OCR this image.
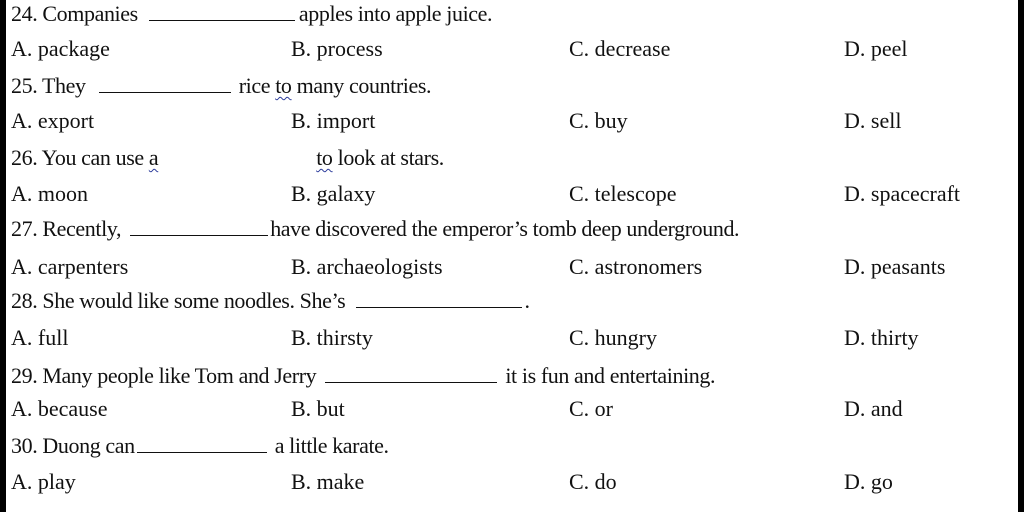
24. Companies	apples into apple juice.
A. package	B. process	C. decrease	D. peel
25. They	rice to many countries.
A. export	B. import	C. buy	D. sell
26. You can use a	to look at stars.
A. moon	B. galaxy	C. telescope	D. spacecraft
27. Recently,	have discovered the emperor’s tomb deep underground.
A. carpenters	B. archaeologists	C. astronomers	D. peasants
28. She would like some noodles. She’s	.
A. full	B. thirsty	C. hungry	D. thirty
29. Many people like Tom and Jerry	it is fun and entertaining.
A. because	B. but	C. or	D. and
30. Duong can	a little karate.
A. play	B. make	C. do	D. go
